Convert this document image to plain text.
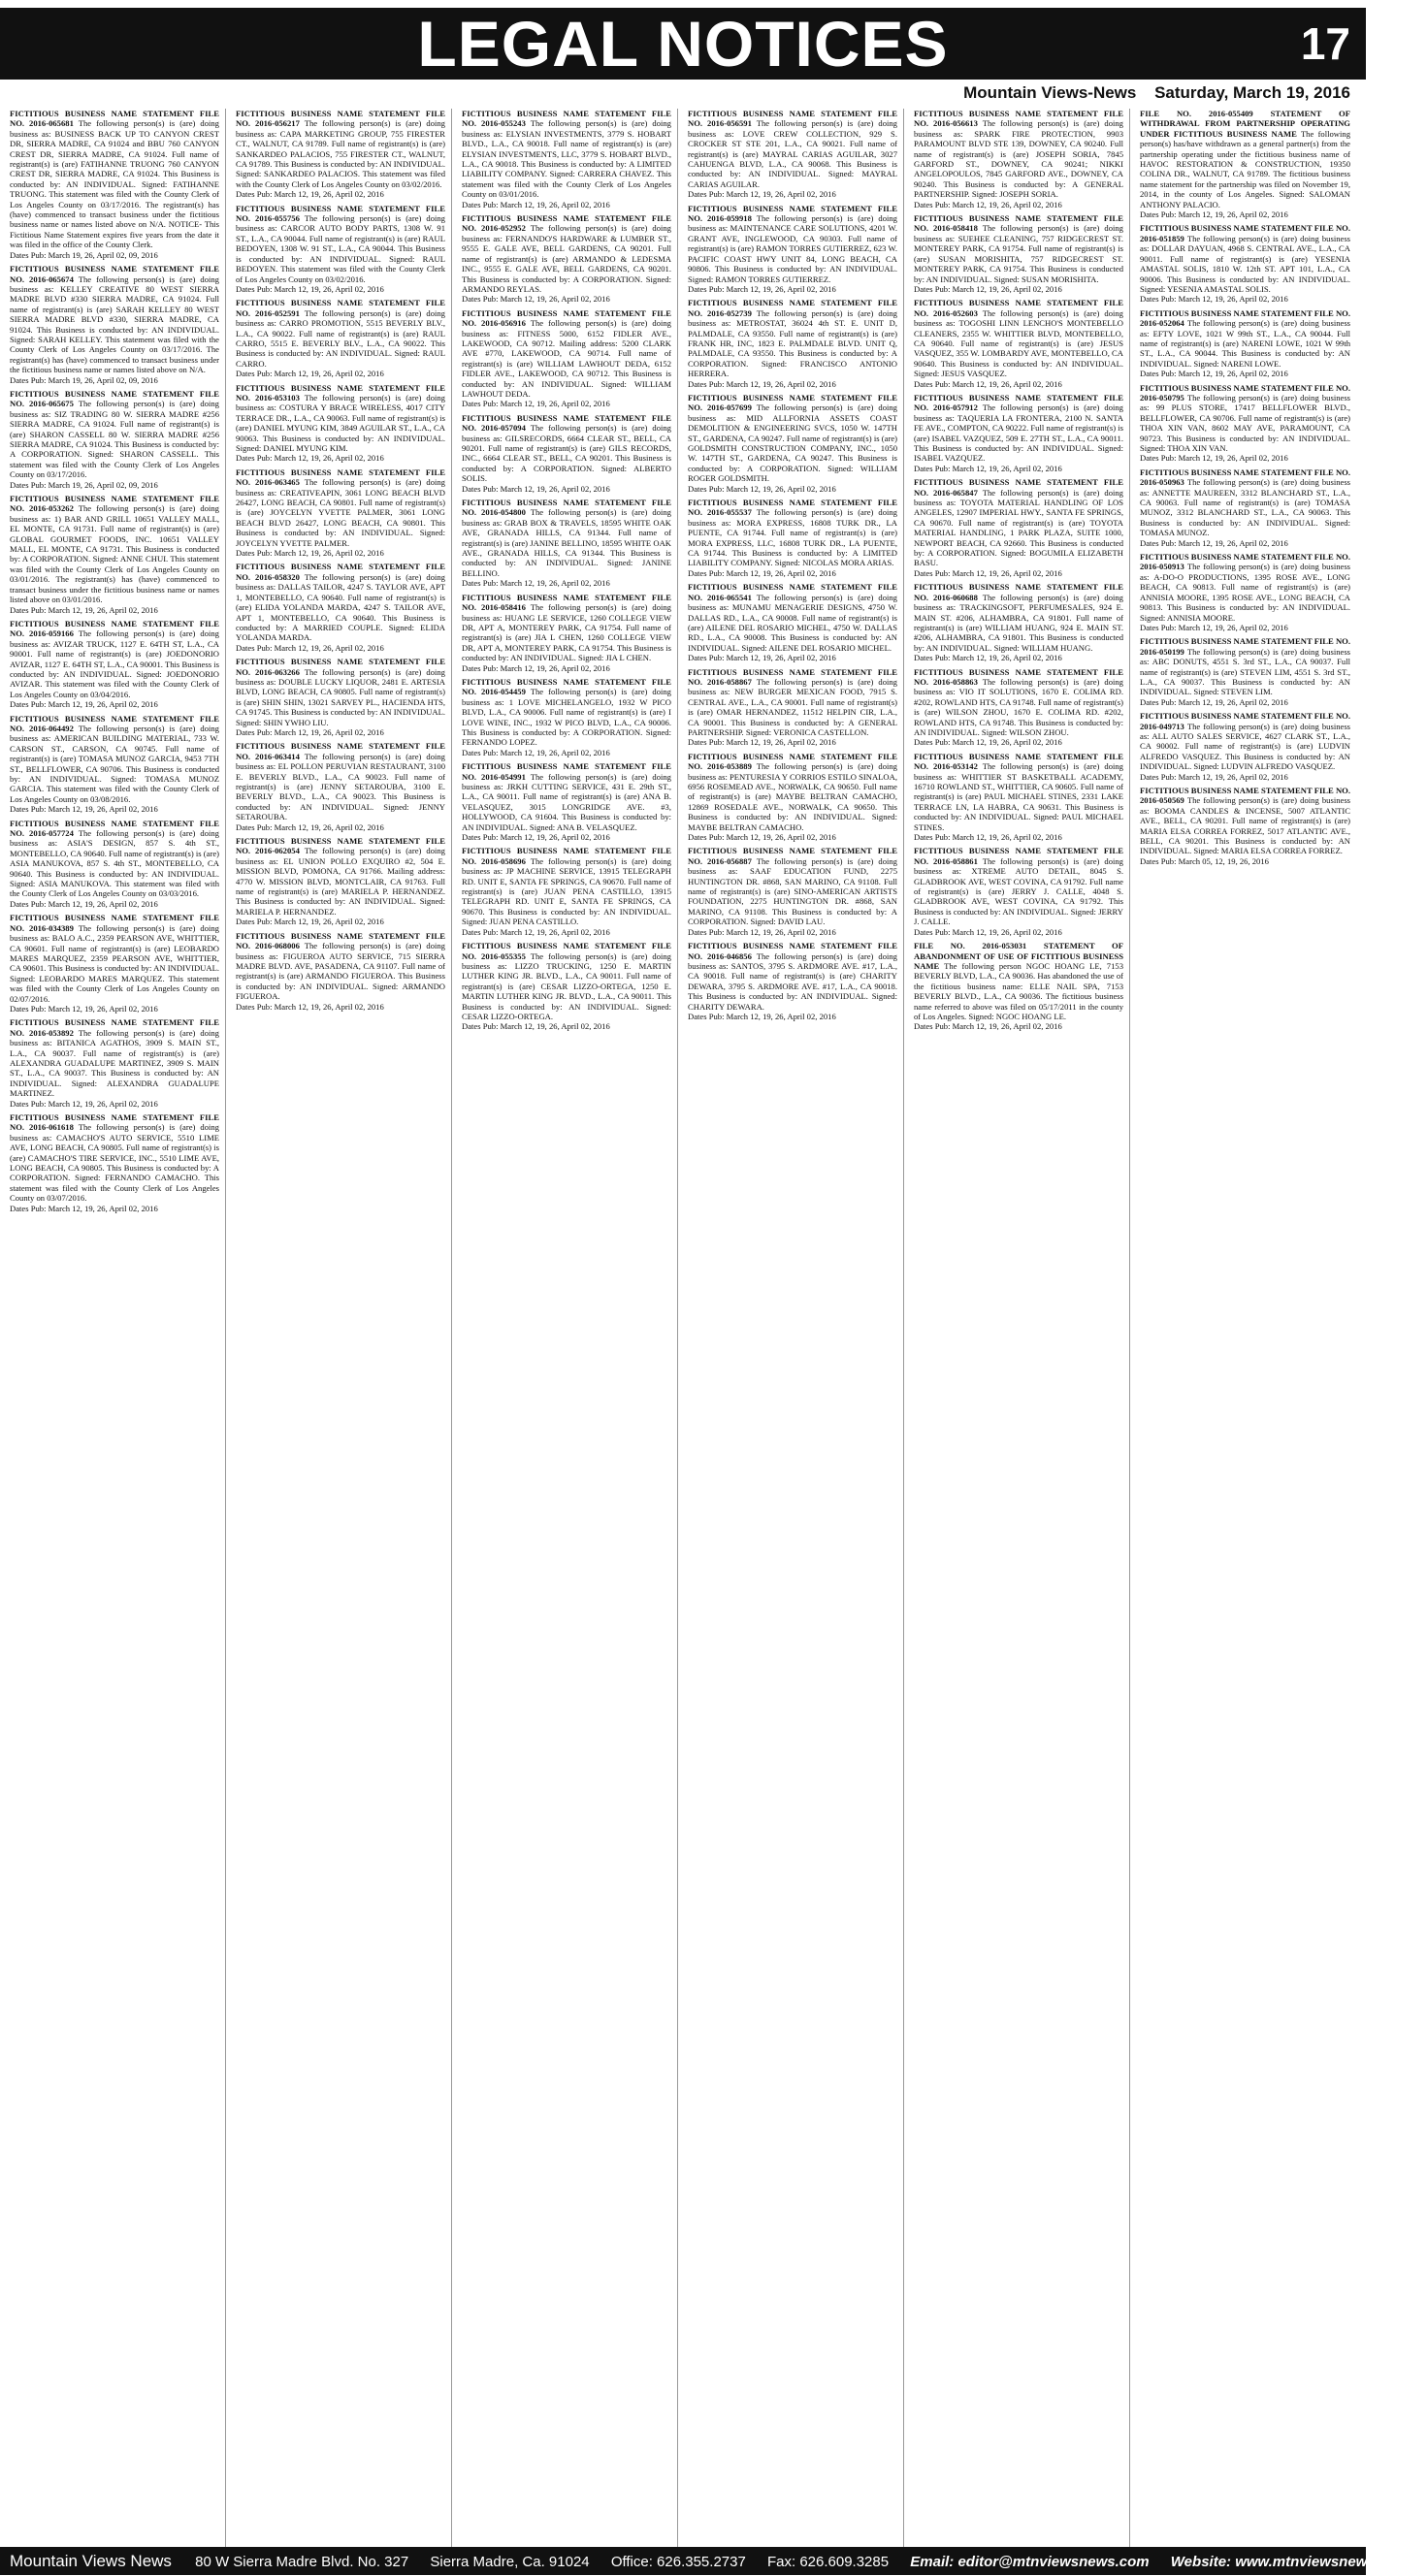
LEGAL NOTICES	17
Mountain Views-News Saturday, March 19, 2016
FICTITIOUS BUSINESS NAME STATEMENT FILE NO. 2016-065681 The following person(s) is (are) doing business as: BUSINESS BACK UP TO CANYON CREST DR, SIERRA MADRE, CA 91024 and BBU 760 CANYON CREST DR, SIERRA MADRE, CA 91024. Full name of registrant(s) is (are) FATIHANNE TRUONG 760 CANYON CREST DR, SIERRA MADRE, CA 91024. This Business is conducted by: AN INDIVIDUAL. Signed: FATIHANNE TRUONG. This statement was filed with the County Clerk of Los Angeles County on 03/17/2016. The registrant(s) has (have) commenced to transact business under the fictitious business name or names listed above on N/A. NOTICE- This Fictitious Name Statement expires five years from the date it was filed in the office of the County Clerk.
Dates Pub: March 19, 26, April 02, 09, 2016
FICTITIOUS BUSINESS NAME STATEMENT FILE NO. 2016-065674 The following person(s) is (are) doing business as: KELLEY CREATIVE 80 WEST SIERRA MADRE BLVD #330 SIERRA MADRE, CA 91024. Full name of registrant(s) is (are) SARAH KELLEY 80 WEST SIERRA MADRE BLVD #330, SIERRA MADRE, CA 91024. This Business is conducted by: AN INDIVIDUAL. Signed: SARAH KELLEY. This statement was filed with the County Clerk of Los Angeles County on 03/17/2016. The registrant(s) has (have) commenced to transact business under the fictitious business name or names listed above on N/A.
Dates Pub: March 19, 26, April 02, 09, 2016
FICTITIOUS BUSINESS NAME STATEMENT FILE NO. 2016-065675 The following person(s) is (are) doing business as: SIZ TRADING 80 W. SIERRA MADRE #256 SIERRA MADRE, CA 91024. Full name of registrant(s) is (are) SHARON CASSELL 80 W. SIERRA MADRE #256 SIERRA MADRE, CA 91024. This Business is conducted by: A CORPORATION. Signed: SHARON CASSELL. This statement was filed with the County Clerk of Los Angeles County on 03/17/2016.
Dates Pub: March 19, 26, April 02, 09, 2016
FICTITIOUS BUSINESS NAME STATEMENT FILE NO. 2016-053262 The following person(s) is (are) doing business as: 1) BAR AND GRILL 10651 VALLEY MALL, EL MONTE, CA 91731. Full name of registrant(s) is (are) GLOBAL GOURMET FOODS, INC. 10651 VALLEY MALL, EL MONTE, CA 91731. This Business is conducted by: A CORPORATION. Signed: ANNE CHUI. This statement was filed with the County Clerk of Los Angeles County on 03/01/2016. The registrant(s) has (have) commenced to transact business under the fictitious business name or names listed above on 03/01/2016.
Dates Pub: March 12, 19, 26, April 02, 2016
FICTITIOUS BUSINESS NAME STATEMENT FILE NO. 2016-059166 The following person(s) is (are) doing business as: AVIZAR TRUCK, 1127 E. 64TH ST, L.A., CA 90001. Full name of registrant(s) is (are) JOEDONORIO AVIZAR, 1127 E. 64TH ST, L.A., CA 90001. This Business is conducted by: AN INDIVIDUAL. Signed: JOEDONORIO AVIZAR. This statement was filed with the County Clerk of Los Angeles County on 03/04/2016.
Dates Pub: March 12, 19, 26, April 02, 2016
FICTITIOUS BUSINESS NAME STATEMENT FILE NO. 2016-064492 The following person(s) is (are) doing business as: AMERICAN BUILDING MATERIAL, 733 W. CARSON ST., CARSON, CA 90745. Full name of registrant(s) is (are) TOMASA MUNOZ GARCIA, 9453 7TH ST., BELLFLOWER, CA 90706. This Business is conducted by: AN INDIVIDUAL. Signed: TOMASA MUNOZ GARCIA. This statement was filed with the County Clerk of Los Angeles County on 03/08/2016.
Dates Pub: March 12, 19, 26, April 02, 2016
FICTITIOUS BUSINESS NAME STATEMENT FILE NO. 2016-057724 The following person(s) is (are) doing business as: ASIA'S DESIGN, 857 S. 4th ST., MONTEBELLO, CA 90640. Full name of registrant(s) is (are) ASIA MANUKOVA, 857 S. 4th ST., MONTEBELLO, CA 90640. This Business is conducted by: AN INDIVIDUAL. Signed: ASIA MANUKOVA. This statement was filed with the County Clerk of Los Angeles County on 03/03/2016.
Dates Pub: March 12, 19, 26, April 02, 2016
FICTITIOUS BUSINESS NAME STATEMENT FILE NO. 2016-034389 The following person(s) is (are) doing business as: BALO A.C., 2359 PEARSON AVE, WHITTIER, CA 90601. Full name of registrant(s) is (are) LEOBARDO MARES MARQUEZ, 2359 PEARSON AVE, WHITTIER, CA 90601. This Business is conducted by: AN INDIVIDUAL. Signed: LEOBARDO MARES MARQUEZ. This statement was filed with the County Clerk of Los Angeles County on 02/07/2016.
Dates Pub: March 12, 19, 26, April 02, 2016
FICTITIOUS BUSINESS NAME STATEMENT FILE NO. 2016-053892 The following person(s) is (are) doing business as: BITANICA AGATHOS, 3909 S. MAIN ST., L.A., CA 90037. Full name of registrant(s) is (are) ALEXANDRA GUADALUPE MARTINEZ, 3909 S. MAIN ST., L.A., CA 90037. This Business is conducted by: AN INDIVIDUAL. Signed: ALEXANDRA GUADALUPE MARTINEZ.
Dates Pub: March 12, 19, 26, April 02, 2016
FICTITIOUS BUSINESS NAME STATEMENT FILE NO. 2016-061618 The following person(s) is (are) doing business as: CAMACHO'S AUTO SERVICE, 5510 LIME AVE, LONG BEACH, CA 90805. Full name of registrant(s) is (are) CAMACHO'S TIRE SERVICE, INC., 5510 LIME AVE, LONG BEACH, CA 90805. This Business is conducted by: A CORPORATION. Signed: FERNANDO CAMACHO. This statement was filed with the County Clerk of Los Angeles County on 03/07/2016.
Dates Pub: March 12, 19, 26, April 02, 2016
FICTITIOUS BUSINESS NAME STATEMENT FILE NO. 2016-056217 The following person(s) is (are) doing business as: CAPA MARKETING GROUP, 755 FIRESTER CT., WALNUT, CA 91789. Full name of registrant(s) is (are) SANKARDEO PALACIOS, 755 FIRESTER CT., WALNUT, CA 91789. This Business is conducted by: AN INDIVIDUAL. Signed: SANKARDEO PALACIOS. This statement was filed with the County Clerk of Los Angeles County on 03/02/2016.
Dates Pub: March 12, 19, 26, April 02, 2016
FICTITIOUS BUSINESS NAME STATEMENT FILE NO. 2016-055756 The following person(s) is (are) doing business as: CARCOR AUTO BODY PARTS, 1308 W. 91 ST., L.A., CA 90044. Full name of registrant(s) is (are) RAUL BEDOYEN, 1308 W. 91 ST., L.A., CA 90044. This Business is conducted by: AN INDIVIDUAL. Signed: RAUL BEDOYEN. This statement was filed with the County Clerk of Los Angeles County on 03/02/2016.
Dates Pub: March 12, 19, 26, April 02, 2016
FICTITIOUS BUSINESS NAME STATEMENT FILE NO. 2016-052591 The following person(s) is (are) doing business as: CARRO PROMOTION, 5515 BEVERLY BLV., L.A., CA 90022. Full name of registrant(s) is (are) RAUL CARRO, 5515 E. BEVERLY BLV., L.A., CA 90022. This Business is conducted by: AN INDIVIDUAL. Signed: RAUL CARRO.
Dates Pub: March 12, 19, 26, April 02, 2016
FICTITIOUS BUSINESS NAME STATEMENT FILE NO. 2016-053103 The following person(s) is (are) doing business as: COSTURA Y BRACE WIRELESS, 4017 CITY TERRACE DR., L.A., CA 90063. Full name of registrant(s) is (are) DANIEL MYUNG KIM, 3849 AGUILAR ST., L.A., CA 90063. This Business is conducted by: AN INDIVIDUAL. Signed: DANIEL MYUNG KIM.
Dates Pub: March 12, 19, 26, April 02, 2016
FICTITIOUS BUSINESS NAME STATEMENT FILE NO. 2016-063465 The following person(s) is (are) doing business as: CREATIVEAPIN, 3061 LONG BEACH BLVD 26427, LONG BEACH, CA 90801. Full name of registrant(s) is (are) JOYCELYN YVETTE PALMER, 3061 LONG BEACH BLVD 26427, LONG BEACH, CA 90801. This Business is conducted by: AN INDIVIDUAL. Signed: JOYCELYN YVETTE PALMER.
Dates Pub: March 12, 19, 26, April 02, 2016
FICTITIOUS BUSINESS NAME STATEMENT FILE NO. 2016-058320 The following person(s) is (are) doing business as: DALLAS TAILOR, 4247 S. TAYLOR AVE, APT 1, MONTEBELLO, CA 90640. Full name of registrant(s) is (are) ELIDA YOLANDA MARDA, 4247 S. TAILOR AVE, APT 1, MONTEBELLO, CA 90640. This Business is conducted by: A MARRIED COUPLE. Signed: ELIDA YOLANDA MARDA.
Dates Pub: March 12, 19, 26, April 02, 2016
FICTITIOUS BUSINESS NAME STATEMENT FILE NO. 2016-063266 The following person(s) is (are) doing business as: DOUBLE LUCKY LIQUOR, 2481 E. ARTESIA BLVD, LONG BEACH, CA 90805. Full name of registrant(s) is (are) SHIN SHIN, 13021 SARVEY PL., HACIENDA HTS, CA 91745. This Business is conducted by: AN INDIVIDUAL. Signed: SHIN YWHO LIU.
Dates Pub: March 12, 19, 26, April 02, 2016
FICTITIOUS BUSINESS NAME STATEMENT FILE NO. 2016-063414 The following person(s) is (are) doing business as: EL POLLON PERUVIAN RESTAURANT, 3100 E. BEVERLY BLVD., L.A., CA 90023. Full name of registrant(s) is (are) JENNY SETAROUBA, 3100 E. BEVERLY BLVD., L.A., CA 90023. This Business is conducted by: AN INDIVIDUAL. Signed: JENNY SETAROUBA.
Dates Pub: March 12, 19, 26, April 02, 2016
FICTITIOUS BUSINESS NAME STATEMENT FILE NO. 2016-062054 The following person(s) is (are) doing business as: EL UNION POLLO EXQUIRO #2, 504 E. MISSION BLVD, POMONA, CA 91766. Mailing address: 4770 W. MISSION BLVD, MONTCLAIR, CA 91763. Full name of registrant(s) is (are) MARIELA P. HERNANDEZ. This Business is conducted by: AN INDIVIDUAL. Signed: MARIELA P. HERNANDEZ.
Dates Pub: March 12, 19, 26, April 02, 2016
FICTITIOUS BUSINESS NAME STATEMENT FILE NO. 2016-068006 The following person(s) is (are) doing business as: FIGUEROA AUTO SERVICE, 715 SIERRA MADRE BLVD. AVE, PASADENA, CA 91107. Full name of registrant(s) is (are) ARMANDO FIGUEROA. This Business is conducted by: AN INDIVIDUAL. Signed: ARMANDO FIGUEROA.
Dates Pub: March 12, 19, 26, April 02, 2016
FICTITIOUS BUSINESS NAME STATEMENT FILE NO. 2016-055243 The following person(s) is (are) doing business as: ELYSIAN INVESTMENTS, 3779 S. HOBART BLVD., L.A., CA 90018. Full name of registrant(s) is (are) ELYSIAN INVESTMENTS, LLC, 3779 S. HOBART BLVD., L.A., CA 90018. This Business is conducted by: A LIMITED LIABILITY COMPANY. Signed: CARRERA CHAVEZ. This statement was filed with the County Clerk of Los Angeles County on 03/01/2016.
Dates Pub: March 12, 19, 26, April 02, 2016
FICTITIOUS BUSINESS NAME STATEMENT FILE NO. 2016-052952 The following person(s) is (are) doing business as: FERNANDO'S HARDWARE & LUMBER ST., 9555 E. GALE AVE, BELL GARDENS, CA 90201. Full name of registrant(s) is (are) ARMANDO & LEDESMA INC., 9555 E. GALE AVE, BELL GARDENS, CA 90201. This Business is conducted by: A CORPORATION. Signed: ARMANDO REYLAS.
Dates Pub: March 12, 19, 26, April 02, 2016
FICTITIOUS BUSINESS NAME STATEMENT FILE NO. 2016-056916 The following person(s) is (are) doing business as: FITNESS 5000, 6152 FIDLER AVE., LAKEWOOD, CA 90712. Mailing address: 5200 CLARK AVE #770, LAKEWOOD, CA 90714. Full name of registrant(s) is (are) WILLIAM LAWHOUT DEDA, 6152 FIDLER AVE., LAKEWOOD, CA 90712. This Business is conducted by: AN INDIVIDUAL. Signed: WILLIAM LAWHOUT DEDA.
Dates Pub: March 12, 19, 26, April 02, 2016
FICTITIOUS BUSINESS NAME STATEMENT FILE NO. 2016-057094 The following person(s) is (are) doing business as: GILSRECORDS, 6664 CLEAR ST., BELL, CA 90201. Full name of registrant(s) is (are) GILS RECORDS, INC., 6664 CLEAR ST., BELL, CA 90201. This Business is conducted by: A CORPORATION. Signed: ALBERTO SOLIS.
Dates Pub: March 12, 19, 26, April 02, 2016
FICTITIOUS BUSINESS NAME STATEMENT FILE NO. 2016-054800 The following person(s) is (are) doing business as: GRAB BOX & TRAVELS, 18595 WHITE OAK AVE, GRANADA HILLS, CA 91344. Full name of registrant(s) is (are) JANINE BELLINO, 18595 WHITE OAK AVE., GRANADA HILLS, CA 91344. This Business is conducted by: AN INDIVIDUAL. Signed: JANINE BELLINO.
Dates Pub: March 12, 19, 26, April 02, 2016
FICTITIOUS BUSINESS NAME STATEMENT FILE NO. 2016-058416 The following person(s) is (are) doing business as: HUANG LE SERVICE, 1260 COLLEGE VIEW DR, APT A, MONTEREY PARK, CA 91754. Full name of registrant(s) is (are) JIA L CHEN, 1260 COLLEGE VIEW DR, APT A, MONTEREY PARK, CA 91754. This Business is conducted by: AN INDIVIDUAL. Signed: JIA L CHEN.
Dates Pub: March 12, 19, 26, April 02, 2016
FICTITIOUS BUSINESS NAME STATEMENT FILE NO. 2016-054459 The following person(s) is (are) doing business as: 1 LOVE MICHELANGELO, 1932 W PICO BLVD, L.A., CA 90006. Full name of registrant(s) is (are) I LOVE WINE, INC., 1932 W PICO BLVD, L.A., CA 90006. This Business is conducted by: A CORPORATION. Signed: FERNANDO LOPEZ.
Dates Pub: March 12, 19, 26, April 02, 2016
FICTITIOUS BUSINESS NAME STATEMENT FILE NO. 2016-054991 The following person(s) is (are) doing business as: JRKH CUTTING SERVICE, 431 E. 29th ST., L.A., CA 90011. Full name of registrant(s) is (are) ANA B. VELASQUEZ, 3015 LONGRIDGE AVE. #3, HOLLYWOOD, CA 91604. This Business is conducted by: AN INDIVIDUAL. Signed: ANA B. VELASQUEZ.
Dates Pub: March 12, 19, 26, April 02, 2016
FICTITIOUS BUSINESS NAME STATEMENT FILE NO. 2016-058696 The following person(s) is (are) doing business as: JP MACHINE SERVICE, 13915 TELEGRAPH RD. UNIT E, SANTA FE SPRINGS, CA 90670. Full name of registrant(s) is (are) JUAN PENA CASTILLO, 13915 TELEGRAPH RD. UNIT E, SANTA FE SPRINGS, CA 90670. This Business is conducted by: AN INDIVIDUAL. Signed: JUAN PENA CASTILLO.
Dates Pub: March 12, 19, 26, April 02, 2016
FICTITIOUS BUSINESS NAME STATEMENT FILE NO. 2016-055355 The following person(s) is (are) doing business as: LIZZO TRUCKING, 1250 E. MARTIN LUTHER KING JR. BLVD., L.A., CA 90011. Full name of registrant(s) is (are) CESAR LIZZO-ORTEGA, 1250 E. MARTIN LUTHER KING JR. BLVD., L.A., CA 90011. This Business is conducted by: AN INDIVIDUAL. Signed: CESAR LIZZO-ORTEGA.
Dates Pub: March 12, 19, 26, April 02, 2016
FICTITIOUS BUSINESS NAME STATEMENT FILE NO. 2016-056591 The following person(s) is (are) doing business as: LOVE CREW COLLECTION, 929 S. CROCKER ST STE 201, L.A., CA 90021. Full name of registrant(s) is (are) MAYRAL CARIAS AGUILAR, 3027 CAHUENGA BLVD, L.A., CA 90068. This Business is conducted by: AN INDIVIDUAL. Signed: MAYRAL CARIAS AGUILAR.
Dates Pub: March 12, 19, 26, April 02, 2016
FICTITIOUS BUSINESS NAME STATEMENT FILE NO. 2016-059918 The following person(s) is (are) doing business as: MAINTENANCE CARE SOLUTIONS, 4201 W. GRANT AVE, INGLEWOOD, CA 90303. Full name of registrant(s) is (are) RAMON TORRES GUTIERREZ, 623 W. PACIFIC COAST HWY UNIT 84, LONG BEACH, CA 90806. This Business is conducted by: AN INDIVIDUAL. Signed: RAMON TORRES GUTIERREZ.
Dates Pub: March 12, 19, 26, April 02, 2016
FICTITIOUS BUSINESS NAME STATEMENT FILE NO. 2016-052739 The following person(s) is (are) doing business as: METROSTAT, 36024 4th ST. E. UNIT D, PALMDALE, CA 93550. Full name of registrant(s) is (are) FRANK HR, INC, 1823 E. PALMDALE BLVD. UNIT Q, PALMDALE, CA 93550. This Business is conducted by: A CORPORATION. Signed: FRANCISCO ANTONIO HERRERA.
Dates Pub: March 12, 19, 26, April 02, 2016
FICTITIOUS BUSINESS NAME STATEMENT FILE NO. 2016-057699 The following person(s) is (are) doing business as: MID ALLFORNIA ASSETS COAST DEMOLITION & ENGINEERING SVCS, 1050 W. 147TH ST., GARDENA, CA 90247. Full name of registrant(s) is (are) GOLDSMITH CONSTRUCTION COMPANY, INC., 1050 W. 147TH ST., GARDENA, CA 90247. This Business is conducted by: A CORPORATION. Signed: WILLIAM ROGER GOLDSMITH.
Dates Pub: March 12, 19, 26, April 02, 2016
FICTITIOUS BUSINESS NAME STATEMENT FILE NO. 2016-055537 The following person(s) is (are) doing business as: MORA EXPRESS, 16808 TURK DR., LA PUENTE, CA 91744. Full name of registrant(s) is (are) MORA EXPRESS, LLC, 16808 TURK DR., LA PUENTE, CA 91744. This Business is conducted by: A LIMITED LIABILITY COMPANY. Signed: NICOLAS MORA ARIAS.
Dates Pub: March 12, 19, 26, April 02, 2016
FICTITIOUS BUSINESS NAME STATEMENT FILE NO. 2016-065541 The following person(s) is (are) doing business as: MUNAMU MENAGERIE DESIGNS, 4750 W. DALLAS RD., L.A., CA 90008. Full name of registrant(s) is (are) AILENE DEL ROSARIO MICHEL, 4750 W. DALLAS RD., L.A., CA 90008. This Business is conducted by: AN INDIVIDUAL. Signed: AILENE DEL ROSARIO MICHEL.
Dates Pub: March 12, 19, 26, April 02, 2016
FICTITIOUS BUSINESS NAME STATEMENT FILE NO. 2016-058867 The following person(s) is (are) doing business as: NEW BURGER MEXICAN FOOD, 7915 S. CENTRAL AVE., L.A., CA 90001. Full name of registrant(s) is (are) OMAR HERNANDEZ, 11512 HELPIN CIR, L.A., CA 90001. This Business is conducted by: A GENERAL PARTNERSHIP. Signed: VERONICA CASTELLON.
Dates Pub: March 12, 19, 26, April 02, 2016
FICTITIOUS BUSINESS NAME STATEMENT FILE NO. 2016-053889 The following person(s) is (are) doing business as: PENTURESIA Y CORRIOS ESTILO SINALOA, 6956 ROSEMEAD AVE., NORWALK, CA 90650. Full name of registrant(s) is (are) MAYBE BELTRAN CAMACHO, 12869 ROSEDALE AVE., NORWALK, CA 90650. This Business is conducted by: AN INDIVIDUAL. Signed: MAYBE BELTRAN CAMACHO.
Dates Pub: March 12, 19, 26, April 02, 2016
FICTITIOUS BUSINESS NAME STATEMENT FILE NO. 2016-056887 The following person(s) is (are) doing business as: SAAF EDUCATION FUND, 2275 HUNTINGTON DR. #868, SAN MARINO, CA 91108. Full name of registrant(s) is (are) SINO-AMERICAN ARTISTS FOUNDATION, 2275 HUNTINGTON DR. #868, SAN MARINO, CA 91108. This Business is conducted by: A CORPORATION. Signed: DAVID LAU.
Dates Pub: March 12, 19, 26, April 02, 2016
FICTITIOUS BUSINESS NAME STATEMENT FILE NO. 2016-046856 The following person(s) is (are) doing business as: SANTOS, 3795 S. ARDMORE AVE. #17, L.A., CA 90018. Full name of registrant(s) is (are) CHARITY DEWARA, 3795 S. ARDMORE AVE. #17, L.A., CA 90018. This Business is conducted by: AN INDIVIDUAL. Signed: CHARITY DEWARA.
Dates Pub: March 12, 19, 26, April 02, 2016
FICTITIOUS BUSINESS NAME STATEMENT FILE NO. 2016-056613 The following person(s) is (are) doing business as: SPARK FIRE PROTECTION, 9903 PARAMOUNT BLVD STE 139, DOWNEY, CA 90240. Full name of registrant(s) is (are) JOSEPH SORIA, 7845 GARFORD ST., DOWNEY, CA 90241; NIKKI ANGELOPOULOS, 7845 GARFORD AVE., DOWNEY, CA 90240. This Business is conducted by: A GENERAL PARTNERSHIP. Signed: JOSEPH SORIA.
Dates Pub: March 12, 19, 26, April 02, 2016
FICTITIOUS BUSINESS NAME STATEMENT FILE NO. 2016-058418 The following person(s) is (are) doing business as: SUEHEE CLEANING, 757 RIDGECREST ST. MONTEREY PARK, CA 91754. Full name of registrant(s) is (are) SUSAN MORISHITA, 757 RIDGECREST ST. MONTEREY PARK, CA 91754. This Business is conducted by: AN INDIVIDUAL. Signed: SUSAN MORISHITA.
Dates Pub: March 12, 19, 26, April 02, 2016
FICTITIOUS BUSINESS NAME STATEMENT FILE NO. 2016-052603 The following person(s) is (are) doing business as: TOGOSHI LINN LENCHO'S MONTEBELLO CLEANERS, 2355 W. WHITTIER BLVD, MONTEBELLO, CA 90640. Full name of registrant(s) is (are) JESUS VASQUEZ, 355 W. LOMBARDY AVE, MONTEBELLO, CA 90640. This Business is conducted by: AN INDIVIDUAL. Signed: JESUS VASQUEZ.
Dates Pub: March 12, 19, 26, April 02, 2016
FICTITIOUS BUSINESS NAME STATEMENT FILE NO. 2016-057912 The following person(s) is (are) doing business as: TAQUERIA LA FRONTERA, 2100 N. SANTA FE AVE., COMPTON, CA 90222. Full name of registrant(s) is (are) ISABEL VAZQUEZ, 509 E. 27TH ST., L.A., CA 90011. This Business is conducted by: AN INDIVIDUAL. Signed: ISABEL VAZQUEZ.
Dates Pub: March 12, 19, 26, April 02, 2016
FICTITIOUS BUSINESS NAME STATEMENT FILE NO. 2016-065847 The following person(s) is (are) doing business as: TOYOTA MATERIAL HANDLING OF LOS ANGELES, 12907 IMPERIAL HWY., SANTA FE SPRINGS, CA 90670. Full name of registrant(s) is (are) TOYOTA MATERIAL HANDLING, 1 PARK PLAZA, SUITE 1000, NEWPORT BEACH, CA 92660. This Business is conducted by: A CORPORATION. Signed: BOGUMILA ELIZABETH BASU.
Dates Pub: March 12, 19, 26, April 02, 2016
FICTITIOUS BUSINESS NAME STATEMENT FILE NO. 2016-060688 The following person(s) is (are) doing business as: TRACKINGSOFT, PERFUMESALES, 924 E. MAIN ST. #206, ALHAMBRA, CA 91801. Full name of registrant(s) is (are) WILLIAM HUANG, 924 E. MAIN ST. #206, ALHAMBRA, CA 91801. This Business is conducted by: AN INDIVIDUAL. Signed: WILLIAM HUANG.
Dates Pub: March 12, 19, 26, April 02, 2016
FICTITIOUS BUSINESS NAME STATEMENT FILE NO. 2016-058863 The following person(s) is (are) doing business as: VIO IT SOLUTIONS, 1670 E. COLIMA RD. #202, ROWLAND HTS, CA 91748. Full name of registrant(s) is (are) WILSON ZHOU, 1670 E. COLIMA RD. #202, ROWLAND HTS, CA 91748. This Business is conducted by: AN INDIVIDUAL. Signed: WILSON ZHOU.
Dates Pub: March 12, 19, 26, April 02, 2016
FICTITIOUS BUSINESS NAME STATEMENT FILE NO. 2016-053142 The following person(s) is (are) doing business as: WHITTIER ST BASKETBALL ACADEMY, 16710 ROWLAND ST., WHITTIER, CA 90605. Full name of registrant(s) is (are) PAUL MICHAEL STINES, 2331 LAKE TERRACE LN, LA HABRA, CA 90631. This Business is conducted by: AN INDIVIDUAL. Signed: PAUL MICHAEL STINES.
Dates Pub: March 12, 19, 26, April 02, 2016
FICTITIOUS BUSINESS NAME STATEMENT FILE NO. 2016-058861 The following person(s) is (are) doing business as: XTREME AUTO DETAIL, 8045 S. GLADBROOK AVE, WEST COVINA, CA 91792. Full name of registrant(s) is (are) JERRY J. CALLE, 4048 S. GLADBROOK AVE, WEST COVINA, CA 91792. This Business is conducted by: AN INDIVIDUAL. Signed: JERRY J. CALLE.
Dates Pub: March 12, 19, 26, April 02, 2016
FILE NO. 2016-053031 STATEMENT OF ABANDONMENT OF USE OF FICTITIOUS BUSINESS NAME The following person NGOC HOANG LE, 7153 BEVERLY BLVD, L.A., CA 90036. Has abandoned the use of the fictitious business name: ELLE NAIL SPA, 7153 BEVERLY BLVD., L.A., CA 90036. The fictitious business name referred to above was filed on 05/17/2011 in the county of Los Angeles. Signed: NGOC HOANG LE.
Dates Pub: March 12, 19, 26, April 02, 2016
FILE NO. 2016-055409 STATEMENT OF WITHDRAWAL FROM PARTNERSHIP OPERATING UNDER FICTITIOUS BUSINESS NAME The following person(s) has/have withdrawn as a general partner(s) from the partnership operating under the fictitious business name of HAVOC RESTORATION & CONSTRUCTION, 19350 COLINA DR., WALNUT, CA 91789. The fictitious business name statement for the partnership was filed on November 19, 2014, in the county of Los Angeles. Signed: SALOMAN ANTHONY PALACIO.
Dates Pub: March 12, 19, 26, April 02, 2016
FICTITIOUS BUSINESS NAME STATEMENT FILE NO. 2016-051859 The following person(s) is (are) doing business as: DOLLAR DAYUAN, 4968 S. CENTRAL AVE., L.A., CA 90011. Full name of registrant(s) is (are) YESENIA AMASTAL SOLIS, 1810 W. 12th ST. APT 101, L.A., CA 90006. This Business is conducted by: AN INDIVIDUAL. Signed: YESENIA AMASTAL SOLIS.
Dates Pub: March 12, 19, 26, April 02, 2016
FICTITIOUS BUSINESS NAME STATEMENT FILE NO. 2016-052064 The following person(s) is (are) doing business as: EFTY LOVE, 1021 W 99th ST., L.A., CA 90044. Full name of registrant(s) is (are) NARENI LOWE, 1021 W 99th ST., L.A., CA 90044. This Business is conducted by: AN INDIVIDUAL. Signed: NARENI LOWE.
Dates Pub: March 12, 19, 26, April 02, 2016
FICTITIOUS BUSINESS NAME STATEMENT FILE NO. 2016-050795 The following person(s) is (are) doing business as: 99 PLUS STORE, 17417 BELLFLOWER BLVD., BELLFLOWER, CA 90706. Full name of registrant(s) is (are) THOA XIN VAN, 8602 MAY AVE, PARAMOUNT, CA 90723. This Business is conducted by: AN INDIVIDUAL. Signed: THOA XIN VAN.
Dates Pub: March 12, 19, 26, April 02, 2016
FICTITIOUS BUSINESS NAME STATEMENT FILE NO. 2016-050963 The following person(s) is (are) doing business as: ANNETTE MAUREEN, 3312 BLANCHARD ST., L.A., CA 90063. Full name of registrant(s) is (are) TOMASA MUNOZ, 3312 BLANCHARD ST., L.A., CA 90063. This Business is conducted by: AN INDIVIDUAL. Signed: TOMASA MUNOZ.
Dates Pub: March 12, 19, 26, April 02, 2016
FICTITIOUS BUSINESS NAME STATEMENT FILE NO. 2016-050913 The following person(s) is (are) doing business as: A-DO-O PRODUCTIONS, 1395 ROSE AVE., LONG BEACH, CA 90813. Full name of registrant(s) is (are) ANNISIA MOORE, 1395 ROSE AVE., LONG BEACH, CA 90813. This Business is conducted by: AN INDIVIDUAL. Signed: ANNISIA MOORE.
Dates Pub: March 12, 19, 26, April 02, 2016
FICTITIOUS BUSINESS NAME STATEMENT FILE NO. 2016-050199 The following person(s) is (are) doing business as: ABC DONUTS, 4551 S. 3rd ST., L.A., CA 90037. Full name of registrant(s) is (are) STEVEN LIM, 4551 S. 3rd ST., L.A., CA 90037. This Business is conducted by: AN INDIVIDUAL. Signed: STEVEN LIM.
Dates Pub: March 12, 19, 26, April 02, 2016
FICTITIOUS BUSINESS NAME STATEMENT FILE NO. 2016-049713 The following person(s) is (are) doing business as: ALL AUTO SALES SERVICE, 4627 CLARK ST., L.A., CA 90002. Full name of registrant(s) is (are) LUDVIN ALFREDO VASQUEZ. This Business is conducted by: AN INDIVIDUAL. Signed: LUDVIN ALFREDO VASQUEZ.
Dates Pub: March 12, 19, 26, April 02, 2016
FICTITIOUS BUSINESS NAME STATEMENT FILE NO. 2016-050569 The following person(s) is (are) doing business as: BOOMA CANDLES & INCENSE, 5007 ATLANTIC AVE., BELL, CA 90201. Full name of registrant(s) is (are) MARIA ELSA CORREA FORREZ, 5017 ATLANTIC AVE., BELL, CA 90201. This Business is conducted by: AN INDIVIDUAL. Signed: MARIA ELSA CORREA FORREZ.
Dates Pub: March 05, 12, 19, 26, 2016
Mountain Views News 80 W Sierra Madre Blvd. No. 327 Sierra Madre, Ca. 91024 Office: 626.355.2737 Fax: 626.609.3285 Email: editor@mtnviewsnews.com Website: www.mtnviewsnews.com
